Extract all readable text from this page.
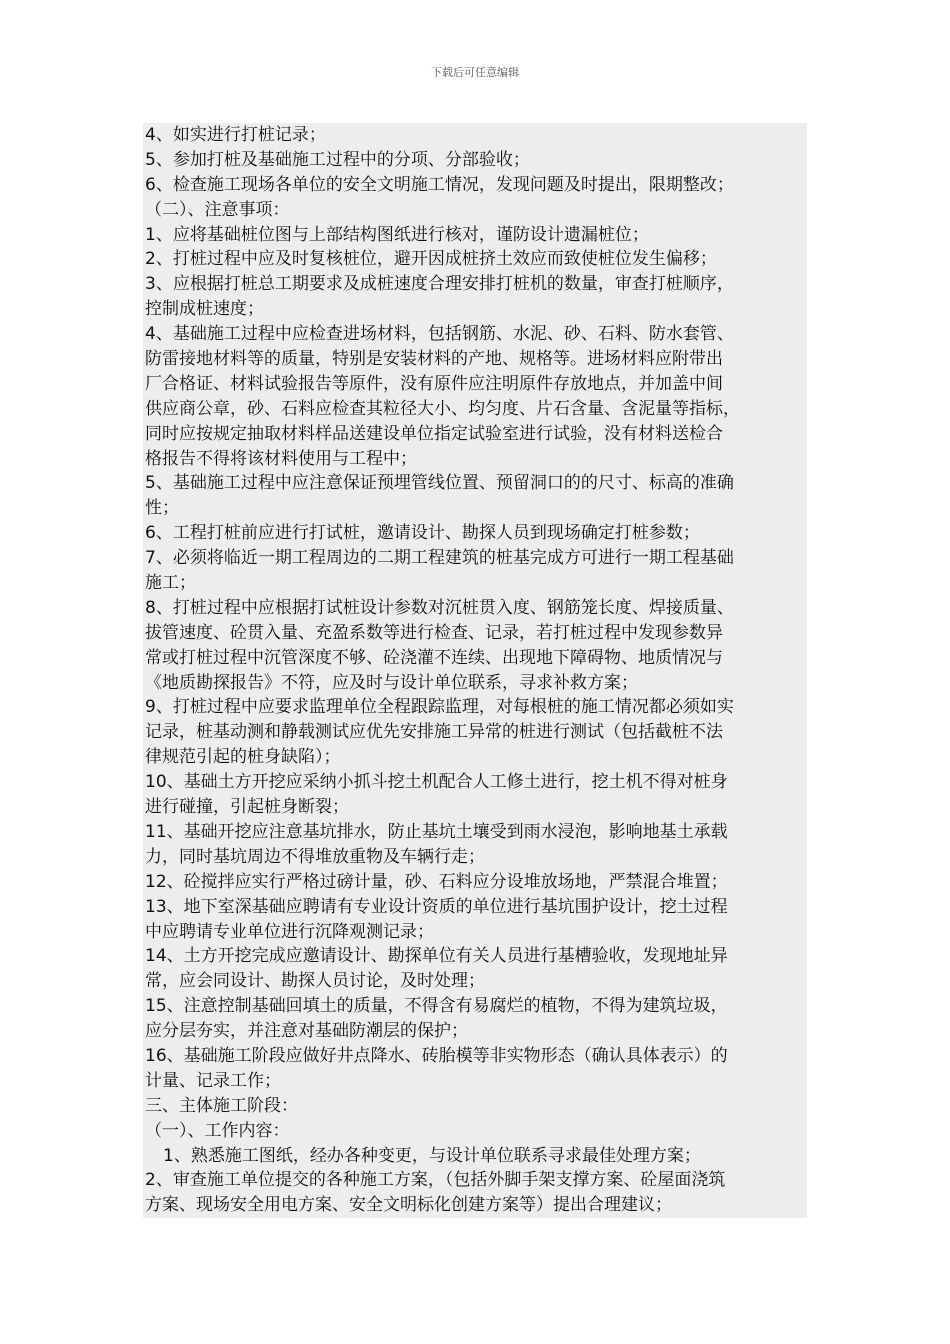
下载后可任意编辑
4、如实进行打桩记录；
5、参加打桩及基础施工过程中的分项、分部验收；
6、检查施工现场各单位的安全文明施工情况，发现问题及时提出，限期整改；
（二）、注意事项：
1、应将基础桩位图与上部结构图纸进行核对，谨防设计遗漏桩位；
2、打桩过程中应及时复核桩位，避开因成桩挤土效应而致使桩位发生偏移；
3、应根据打桩总工期要求及成桩速度合理安排打桩机的数量，审查打桩顺序，
控制成桩速度；
4、基础施工过程中应检查进场材料，包括钢筋、水泥、砂、石料、防水套管、
防雷接地材料等的质量，特别是安装材料的产地、规格等。进场材料应附带出
厂合格证、材料试验报告等原件，没有原件应注明原件存放地点，并加盖中间
供应商公章，砂、石料应检查其粒径大小、均匀度、片石含量、含泥量等指标，
同时应按规定抽取材料样品送建设单位指定试验室进行试验，没有材料送检合
格报告不得将该材料使用与工程中；
5、基础施工过程中应注意保证预埋管线位置、预留洞口的的尺寸、标高的准确
性；
6、工程打桩前应进行打试桩，邀请设计、勘探人员到现场确定打桩参数；
7、必须将临近一期工程周边的二期工程建筑的桩基完成方可进行一期工程基础
施工；
8、打桩过程中应根据打试桩设计参数对沉桩贯入度、钢筋笼长度、焊接质量、
拔管速度、砼贯入量、充盈系数等进行检查、记录，若打桩过程中发现参数异
常或打桩过程中沉管深度不够、砼浇灌不连续、出现地下障碍物、地质情况与
《地质勘探报告》不符，应及时与设计单位联系，寻求补救方案；
9、打桩过程中应要求监理单位全程跟踪监理，对每根桩的施工情况都必须如实
记录，桩基动测和静载测试应优先安排施工异常的桩进行测试（包括截桩不法
律规范引起的桩身缺陷）；
10、基础土方开挖应采纳小抓斗挖土机配合人工修土进行，挖土机不得对桩身
进行碰撞，引起桩身断裂；
11、基础开挖应注意基坑排水，防止基坑土壤受到雨水浸泡，影响地基土承载
力，同时基坑周边不得堆放重物及车辆行走；
12、砼搅拌应实行严格过磅计量，砂、石料应分设堆放场地，严禁混合堆置；
13、地下室深基础应聘请有专业设计资质的单位进行基坑围护设计，挖土过程
中应聘请专业单位进行沉降观测记录；
14、土方开挖完成应邀请设计、勘探单位有关人员进行基槽验收，发现地址异
常，应会同设计、勘探人员讨论，及时处理；
15、注意控制基础回填土的质量，不得含有易腐烂的植物，不得为建筑垃圾，
应分层夯实，并注意对基础防潮层的保护；
16、基础施工阶段应做好井点降水、砖胎模等非实物形态（确认具体表示）的
计量、记录工作；
三、主体施工阶段：
（一）、工作内容：
1、熟悉施工图纸，经办各种变更，与设计单位联系寻求最佳处理方案；
2、审查施工单位提交的各种施工方案，（包括外脚手架支撑方案、砼屋面浇筑
方案、现场安全用电方案、安全文明标化创建方案等）提出合理建议；
